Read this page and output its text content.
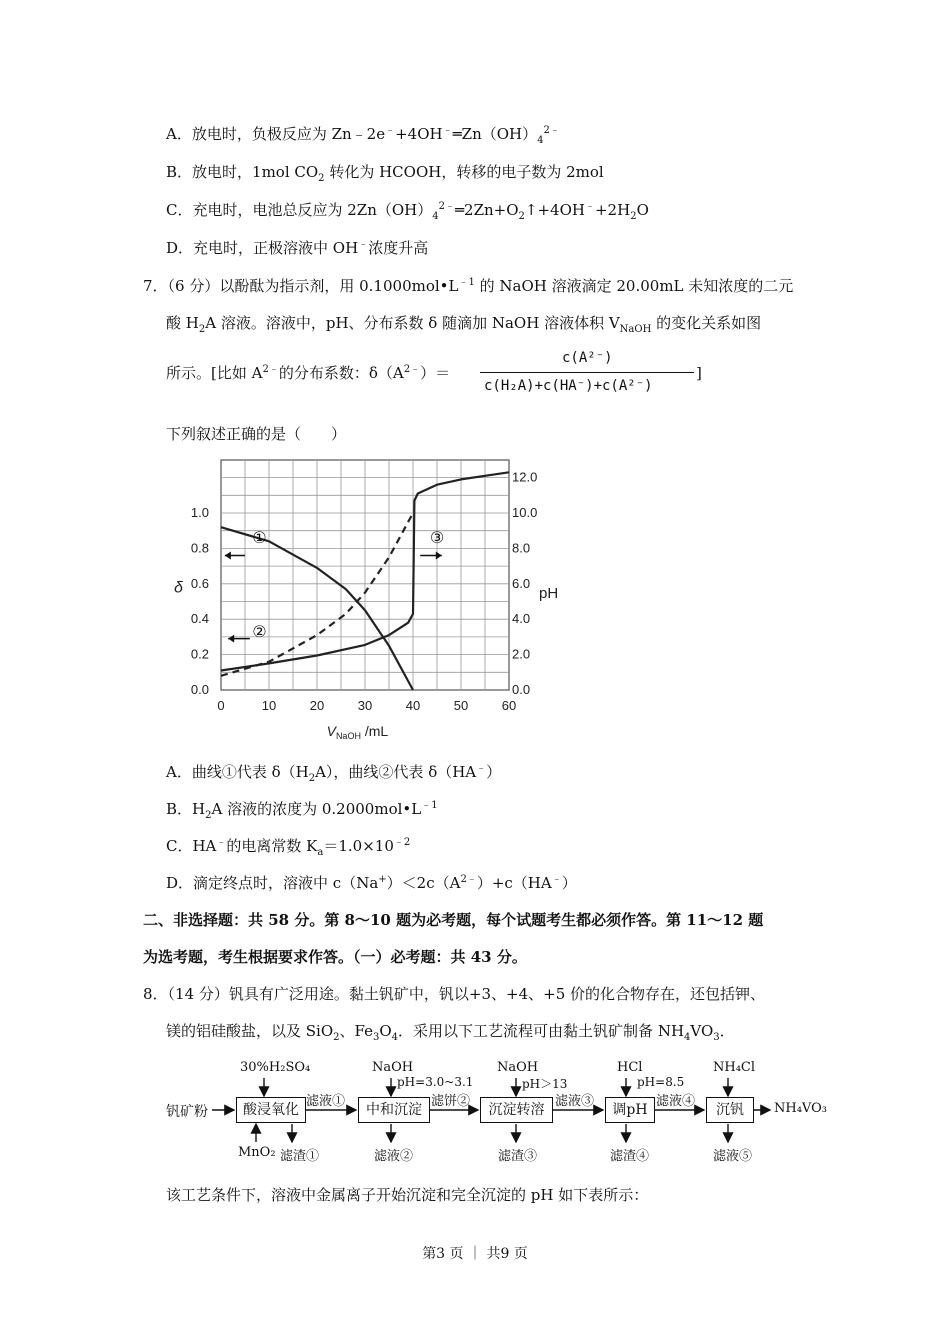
A．放电时，负极反应为 $Zn﹣2e^﹣+4OH^﹣═Zn(OH)_4^{2﹣}$
B．放电时，1mol $CO_2$ 转化为 HCOOH，转移的电子数为 2mol
C．充电时，电池总反应为 $2Zn(OH)_4^{2﹣}═2Zn+O_2↑+4OH^﹣+2H_2O$
D．充电时，正极溶液中 OH﹣浓度升高
7．（6 分）以酚酞为指示剂，用 $0.1000mol•L^{﹣1}$ 的 NaOH 溶液滴定 20.00mL 未知浓度的二元
酸 $H_2A$ 溶液。溶液中，pH、分布系数 δ 随滴加 NaOH 溶液体积 $V_{NaOH}$ 的变化关系如图
所示。[比如 $A^{2﹣}$的分布系数：$\delta(A^{2﹣})=$
c(A²⁻)
c(H₂A)+c(HA⁻)+c(A²⁻)
]
下列叙述正确的是（　　）
0	10	20	30	40	50	60
0.0
0.2
0.4
0.6
0.8
1.0
0.0
2.0
4.0
6.0
8.0
10.0
12.0
①
②
③
δ	pH
$V_{NaOH}$ /mL
A．曲线①代表 $\delta(H_2A)$，曲线②代表 δ（HA﹣）
B．$H_2A$ 溶液的浓度为 $0.2000mol•L^{﹣1}$
C．HA﹣的电离常数 $K_a=1.0\times 10^{﹣2}$
D．滴定终点时，溶液中 $c(Na^+)<2c(A^{2﹣})+c(HA^﹣)$
二、非选择题：共 58 分。第 8～10 题为必考题，每个试题考生都必须作答。第 11～12 题
为选考题，考生根据要求作答。（一）必考题：共 43 分。
8．（14 分）钒具有广泛用途。黏土钒矿中，钒以+3、+4、+5 价的化合物存在，还包括钾、
镁的铝硅酸盐，以及 SiO$_2$、$Fe_3O_4$．采用以下工艺流程可由黏土钒矿制备 $NH_4VO_3$．
钒矿粉	酸浸氧化	中和沉淀	沉淀转溶	调pH	沉钒
30%H₂SO₄	NaOH	NaOH	HCl	NH₄Cl
pH=3.0~3.1	pH＞13	pH=8.5
滤液①	滤饼②	滤液③	滤液④
MnO₂ 滤渣①	滤液②	滤渣③	滤渣④	滤液⑤
NH₄VO₃
该工艺条件下，溶液中金属离子开始沉淀和完全沉淀的 pH 如下表所示：
第3 页 ｜ 共9 页
